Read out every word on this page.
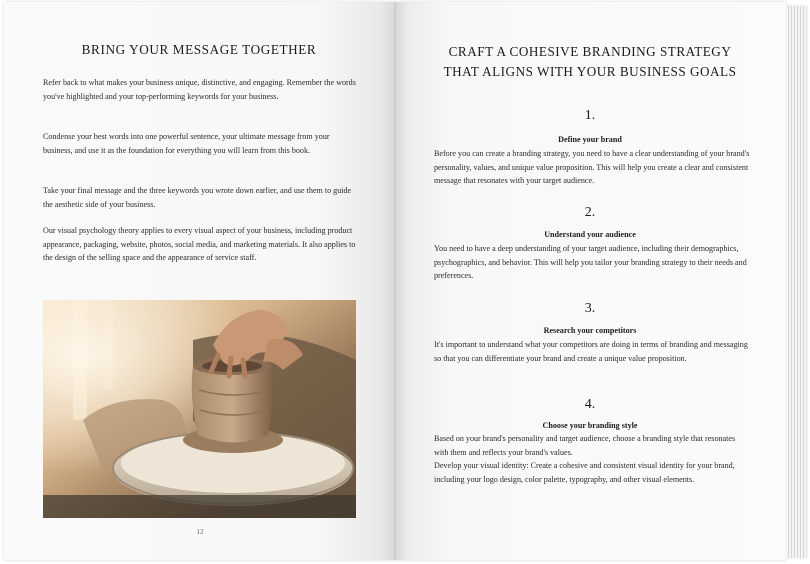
BRING YOUR MESSAGE TOGETHER
Refer back to what makes your business unique, distinctive, and engaging. Remember the words you've highlighted and your top-performing keywords for your business.
Condense your best words into one powerful sentence, your ultimate message from your business, and use it as the foundation for everything you will learn from this book.
Take your final message and the three keywords you wrote down earlier, and use them to guide the aesthetic side of your business.
Our visual psychology theory applies to every visual aspect of your business, including product appearance, packaging, website, photos, social media, and marketing materials. It also applies to the design of the selling space and the appearance of service staff.
12
CRAFT A COHESIVE BRANDING STRATEGY THAT ALIGNS WITH YOUR BUSINESS GOALS
1.
Define your brand
Before you can create a branding strategy, you need to have a clear understanding of your brand's personality, values, and unique value proposition. This will help you create a clear and consistent message that resonates with your target audience.
2.
Understand your audience
You need to have a deep understanding of your target audience, including their demographics, psychographics, and behavior. This will help you tailor your branding strategy to their needs and preferences.
3.
Research your competitors
It's important to understand what your competitors are doing in terms of branding and messaging so that you can differentiate your brand and create a unique value proposition.
4.
Choose your branding style
Based on your brand's personality and target audience, choose a branding style that resonates with them and reflects your brand's values.
Develop your visual identity: Create a cohesive and consistent visual identity for your brand, including your logo design, color palette, typography, and other visual elements.
